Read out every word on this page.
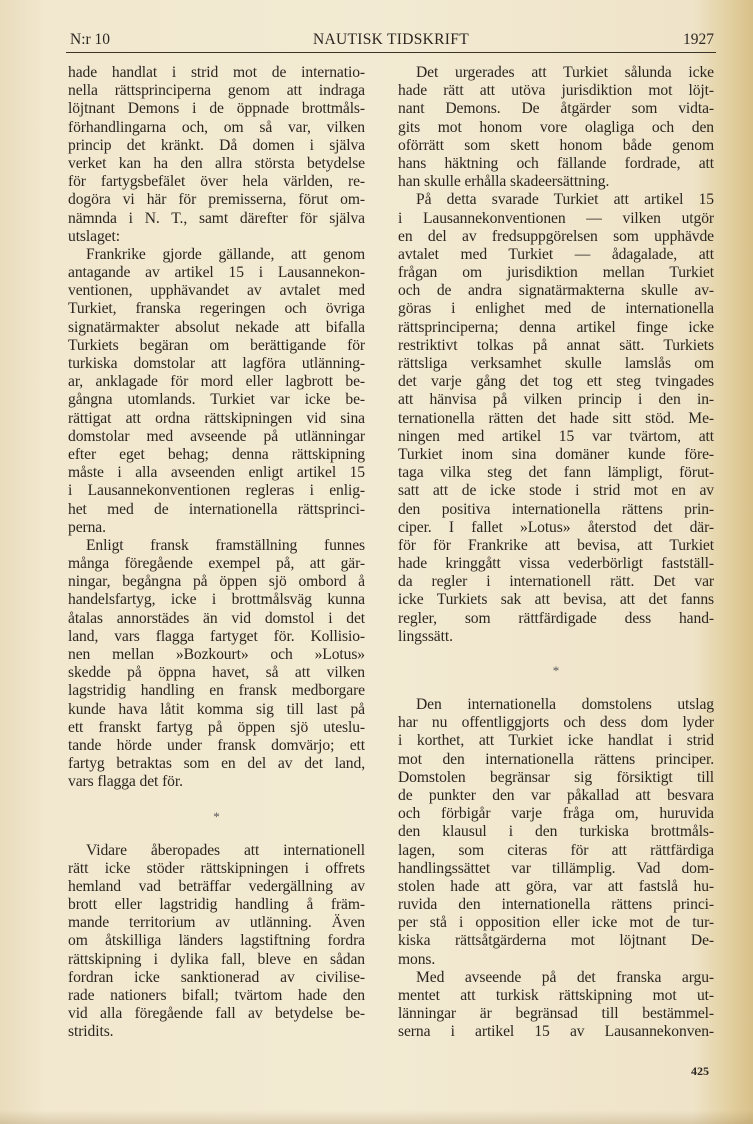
N:r 10	NAUTISK TIDSKRIFT	1927
hade handlat i strid mot de internatio-
nella rättsprinciperna genom att indraga
löjtnant Demons i de öppnade brottmåls-
förhandlingarna och, om så var, vilken
princip det kränkt. Då domen i själva
verket kan ha den allra största betydelse
för fartygsbefälet över hela världen, re-
dogöra vi här för premisserna, förut om-
nämnda i N. T., samt därefter för själva
utslaget:
Frankrike gjorde gällande, att genom
antagande av artikel 15 i Lausannekon-
ventionen, upphävandet av avtalet med
Turkiet, franska regeringen och övriga
signatärmakter absolut nekade att bifalla
Turkiets begäran om berättigande för
turkiska domstolar att lagföra utlänning-
ar, anklagade för mord eller lagbrott be-
gångna utomlands. Turkiet var icke be-
rättigat att ordna rättskipningen vid sina
domstolar med avseende på utlänningar
efter eget behag; denna rättskipning
måste i alla avseenden enligt artikel 15
i Lausannekonventionen regleras i enlig-
het med de internationella rättsprinci-
perna.
Enligt fransk framställning funnes
många föregående exempel på, att gär-
ningar, begångna på öppen sjö ombord å
handelsfartyg, icke i brottmålsväg kunna
åtalas annorstädes än vid domstol i det
land, vars flagga fartyget för. Kollisio-
nen mellan »Bozkourt» och »Lotus»
skedde på öppna havet, så att vilken
lagstridig handling en fransk medborgare
kunde hava låtit komma sig till last på
ett franskt fartyg på öppen sjö uteslu-
tande hörde under fransk domvärjo; ett
fartyg betraktas som en del av det land,
vars flagga det för.
*
Vidare åberopades att internationell
rätt icke stöder rättskipningen i offrets
hemland vad beträffar vedergällning av
brott eller lagstridig handling å främ-
mande territorium av utlänning. Även
om åtskilliga länders lagstiftning fordra
rättskipning i dylika fall, bleve en sådan
fordran icke sanktionerad av civilise-
rade nationers bifall; tvärtom hade den
vid alla föregående fall av betydelse be-
stridits.
Det urgerades att Turkiet sålunda icke
hade rätt att utöva jurisdiktion mot löjt-
nant Demons. De åtgärder som vidta-
gits mot honom vore olagliga och den
oförrätt som skett honom både genom
hans häktning och fällande fordrade, att
han skulle erhålla skadeersättning.
På detta svarade Turkiet att artikel 15
i Lausannekonventionen — vilken utgör
en del av fredsuppgörelsen som upphävde
avtalet med Turkiet — ådagalade, att
frågan om jurisdiktion mellan Turkiet
och de andra signatärmakterna skulle av-
göras i enlighet med de internationella
rättsprinciperna; denna artikel finge icke
restriktivt tolkas på annat sätt. Turkiets
rättsliga verksamhet skulle lamslås om
det varje gång det tog ett steg tvingades
att hänvisa på vilken princip i den in-
ternationella rätten det hade sitt stöd. Me-
ningen med artikel 15 var tvärtom, att
Turkiet inom sina domäner kunde före-
taga vilka steg det fann lämpligt, förut-
satt att de icke stode i strid mot en av
den positiva internationella rättens prin-
ciper. I fallet »Lotus» återstod det där-
för för Frankrike att bevisa, att Turkiet
hade kringgått vissa vederbörligt fastställ-
da regler i internationell rätt. Det var
icke Turkiets sak att bevisa, att det fanns
regler, som rättfärdigade dess hand-
lingssätt.
*
Den internationella domstolens utslag
har nu offentliggjorts och dess dom lyder
i korthet, att Turkiet icke handlat i strid
mot den internationella rättens principer.
Domstolen begränsar sig försiktigt till
de punkter den var påkallad att besvara
och förbigår varje fråga om, huruvida
den klausul i den turkiska brottmåls-
lagen, som citeras för att rättfärdiga
handlingssättet var tillämplig. Vad dom-
stolen hade att göra, var att fastslå hu-
ruvida den internationella rättens princi-
per stå i opposition eller icke mot de tur-
kiska rättsåtgärderna mot löjtnant De-
mons.
Med avseende på det franska argu-
mentet att turkisk rättskipning mot ut-
länningar är begränsad till bestämmel-
serna i artikel 15 av Lausannekonven-
425
